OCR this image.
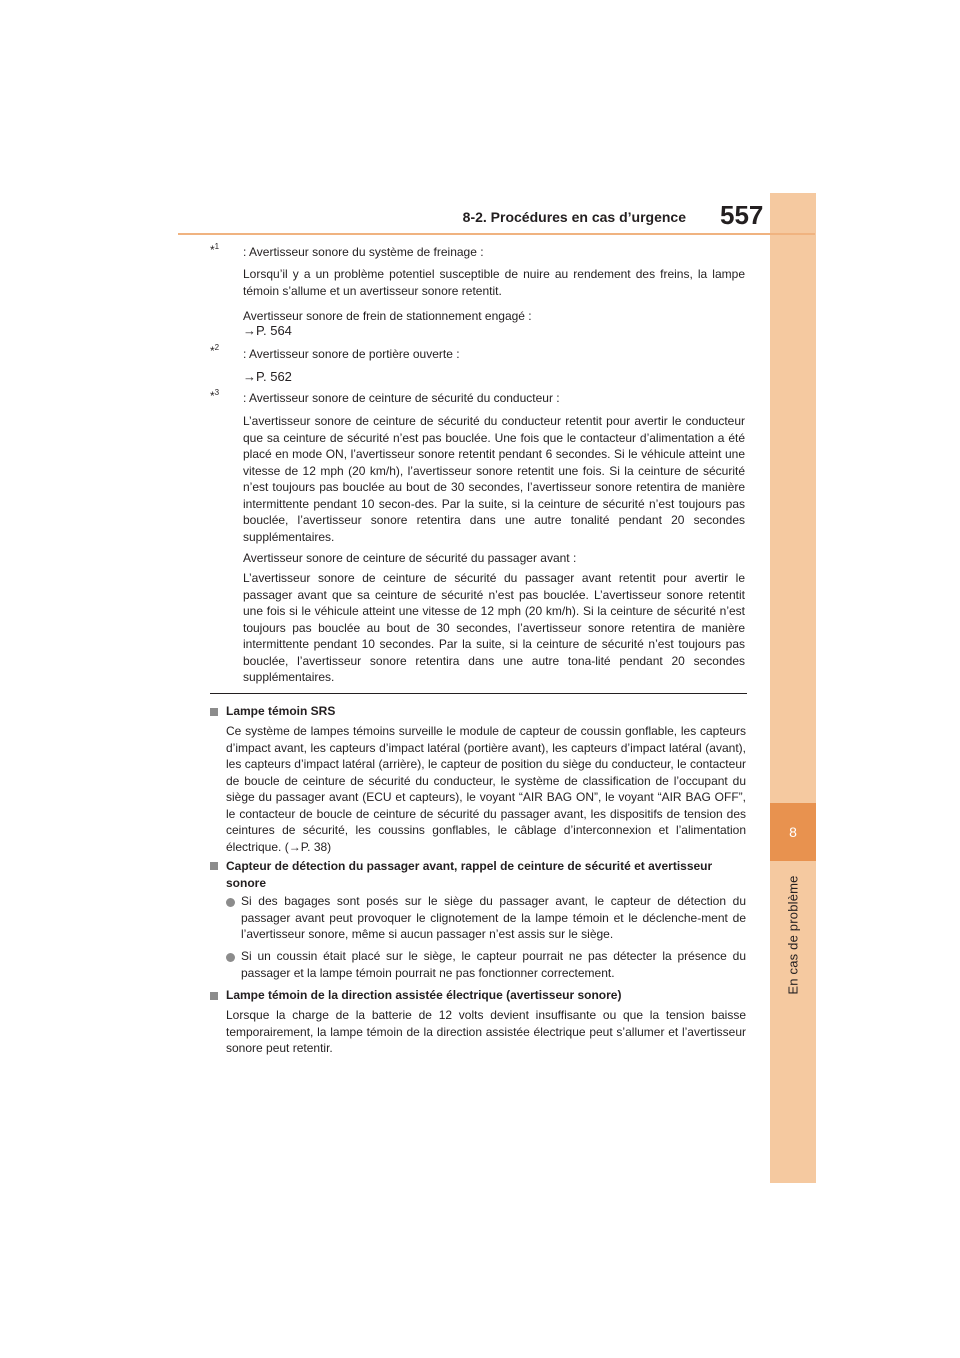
8
En cas de problème
8-2. Procédures en cas d’urgence 557
*$^1$ : Avertisseur sonore du système de freinage :

Lorsqu’il y a un problème potentiel susceptible de nuire au rendement des freins, la lampe témoin s’allume et un avertisseur sonore retentit.

Avertisseur sonore de frein de stationnement engagé :

→P. 564
*$^2$ : Avertisseur sonore de portière ouverte :

→P. 562
*$^3$ : Avertisseur sonore de ceinture de sécurité du conducteur :

L’avertisseur sonore de ceinture de sécurité du conducteur retentit pour avertir le conducteur que sa ceinture de sécurité n’est pas bouclée. Une fois que le contacteur d’alimentation a été placé en mode ON, l’avertisseur sonore retentit pendant 6 secondes. Si le véhicule atteint une vitesse de 12 mph (20 km/h), l’avertisseur sonore retentit une fois. Si la ceinture de sécurité n’est toujours pas bouclée au bout de 30 secondes, l’avertisseur sonore retentira de manière intermittente pendant 10 secon-des. Par la suite, si la ceinture de sécurité n’est toujours pas bouclée, l’avertisseur sonore retentira dans une autre tonalité pendant 20 secondes supplémentaires.

Avertisseur sonore de ceinture de sécurité du passager avant :

L’avertisseur sonore de ceinture de sécurité du passager avant retentit pour avertir le passager avant que sa ceinture de sécurité n’est pas bouclée. L’avertisseur sonore retentit une fois si le véhicule atteint une vitesse de 12 mph (20 km/h). Si la ceinture de sécurité n’est toujours pas bouclée au bout de 30 secondes, l’avertisseur sonore retentira de manière intermittente pendant 10 secondes. Par la suite, si la ceinture de sécurité n’est toujours pas bouclée, l’avertisseur sonore retentira dans une autre tona-lité pendant 20 secondes supplémentaires.

Lampe témoin SRS

Ce système de lampes témoins surveille le module de capteur de coussin gonflable, les capteurs d’impact avant, les capteurs d’impact latéral (portière avant), les capteurs d’impact latéral (avant), les capteurs d’impact latéral (arrière), le capteur de position du siège du conducteur, le contacteur de boucle de ceinture de sécurité du conducteur, le système de classification de l’occupant du siège du passager avant (ECU et capteurs), le voyant “AIR BAG ON”, le voyant “AIR BAG OFF”, le contacteur de boucle de ceinture de sécurité du passager avant, les dispositifs de tension des ceintures de sécurité, les coussins gonflables, le câblage d’interconnexion et l’alimentation électrique. (→P. 38)

Capteur de détection du passager avant, rappel de ceinture de sécurité et avertisseur sonore

Si des bagages sont posés sur le siège du passager avant, le capteur de détection du passager avant peut provoquer le clignotement de la lampe témoin et le déclenche-ment de l’avertisseur sonore, même si aucun passager n’est assis sur le siège.

Si un coussin était placé sur le siège, le capteur pourrait ne pas détecter la présence du passager et la lampe témoin pourrait ne pas fonctionner correctement.

Lampe témoin de la direction assistée électrique (avertisseur sonore)

Lorsque la charge de la batterie de 12 volts devient insuffisante ou que la tension baisse temporairement, la lampe témoin de la direction assistée électrique peut s’allumer et l’avertisseur sonore peut retentir.
